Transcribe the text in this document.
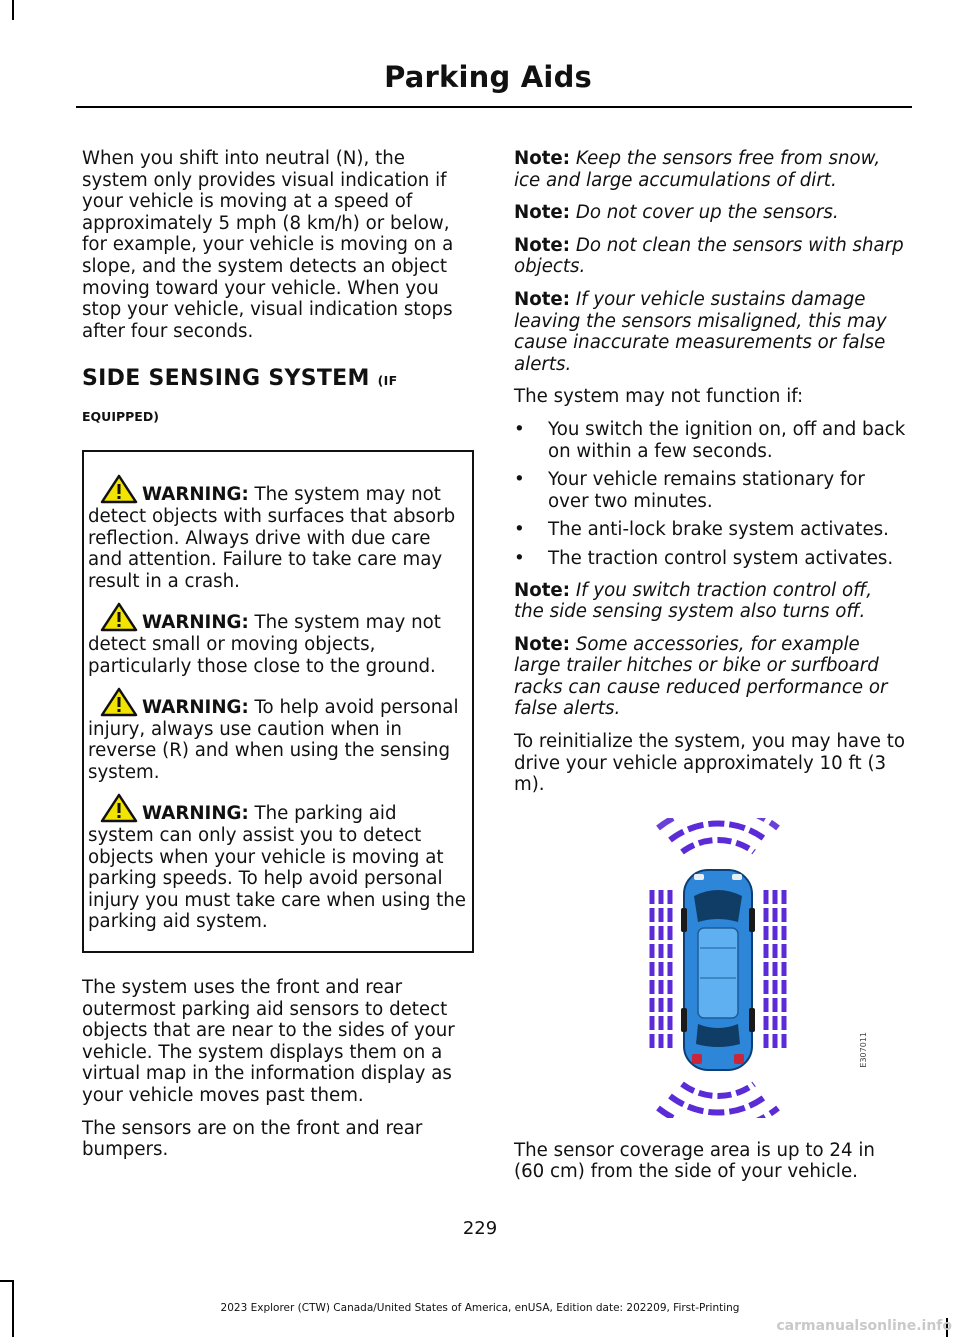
Parking Aids

When you shift into neutral (N), the system only provides visual indication if your vehicle is moving at a speed of approximately 5 mph (8 km/h) or below, for example, your vehicle is moving on a slope, and the system detects an object moving toward your vehicle. When you stop your vehicle, visual indication stops after four seconds.

SIDE SENSING SYSTEM (IF
EQUIPPED)

WARNING: The system may not detect objects with surfaces that absorb reflection. Always drive with due care and attention. Failure to take care may result in a crash.

WARNING: The system may not detect small or moving objects, particularly those close to the ground.

WARNING: To help avoid personal injury, always use caution when in reverse (R) and when using the sensing system.

WARNING: The parking aid system can only assist you to detect objects when your vehicle is moving at parking speeds. To help avoid personal injury you must take care when using the parking aid system.

The system uses the front and rear outermost parking aid sensors to detect objects that are near to the sides of your vehicle. The system displays them on a virtual map in the information display as your vehicle moves past them.

The sensors are on the front and rear bumpers.

Note: Keep the sensors free from snow, ice and large accumulations of dirt.

Note: Do not cover up the sensors.

Note: Do not clean the sensors with sharp objects.

Note: If your vehicle sustains damage leaving the sensors misaligned, this may cause inaccurate measurements or false alerts.

The system may not function if:

• You switch the ignition on, off and back on within a few seconds.
• Your vehicle remains stationary for over two minutes.
• The anti-lock brake system activates.
• The traction control system activates.

Note: If you switch traction control off, the side sensing system also turns off.

Note: Some accessories, for example large trailer hitches or bike or surfboard racks can cause reduced performance or false alerts.

To reinitialize the system, you may have to drive your vehicle approximately 10 ft (3 m).

E307011

The sensor coverage area is up to 24 in (60 cm) from the side of your vehicle.

229
2023 Explorer (CTW) Canada/United States of America, enUSA, Edition date: 202209, First-Printing
carmanualsonline.info
